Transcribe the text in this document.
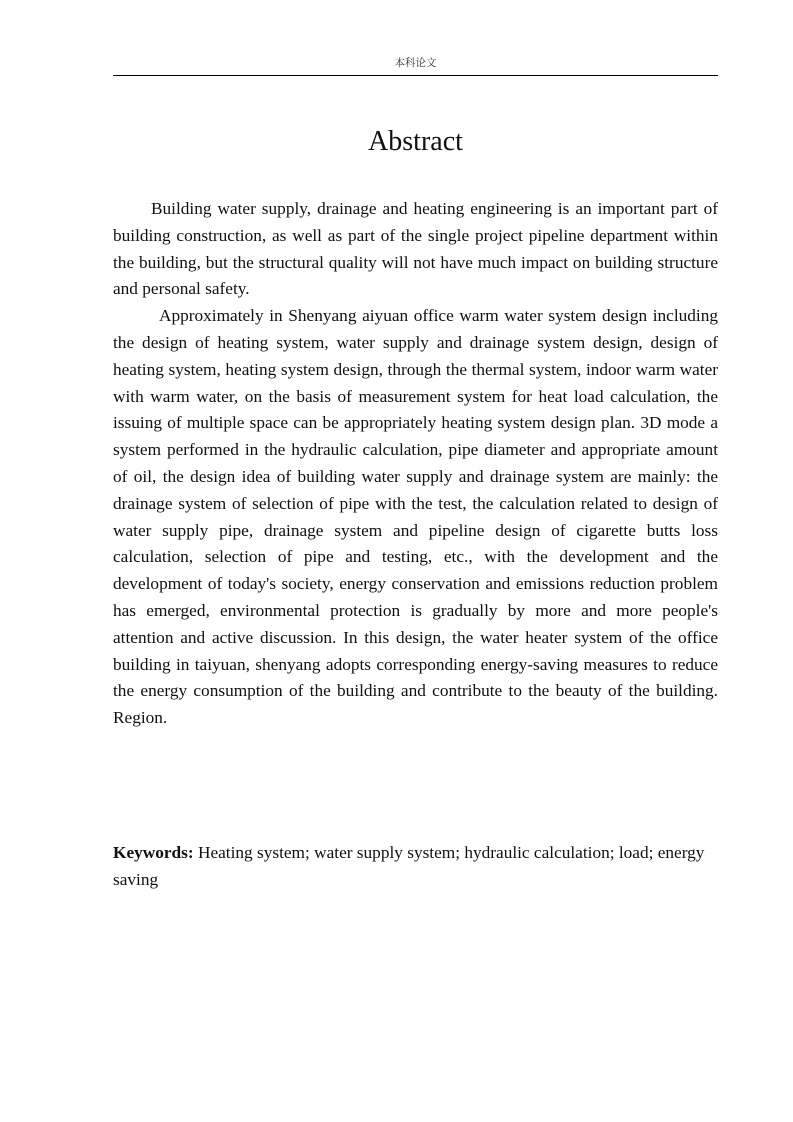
本科论文
Abstract

Building water supply, drainage and heating engineering is an important part of building construction, as well as part of the single project pipeline department within the building, but the structural quality will not have much impact on building structure and personal safety.

Approximately in Shenyang aiyuan office warm water system design including the design of heating system, water supply and drainage system design, design of heating system, heating system design, through the thermal system, indoor warm water with warm water, on the basis of measurement system for heat load calculation, the issuing of multiple space can be appropriately heating system design plan. 3D mode a system performed in the hydraulic calculation, pipe diameter and appropriate amount of oil, the design idea of building water supply and drainage system are mainly: the drainage system of selection of pipe with the test, the calculation related to design of water supply pipe, drainage system and pipeline design of cigarette butts loss calculation, selection of pipe and testing, etc., with the development and the development of today's society, energy conservation and emissions reduction problem has emerged, environmental protection is gradually by more and more people's attention and active discussion. In this design, the water heater system of the office building in taiyuan, shenyang adopts corresponding energy-saving measures to reduce the energy consumption of the building and contribute to the beauty of the building. Region.

Keywords: Heating system; water supply system; hydraulic calculation; load; energy saving
